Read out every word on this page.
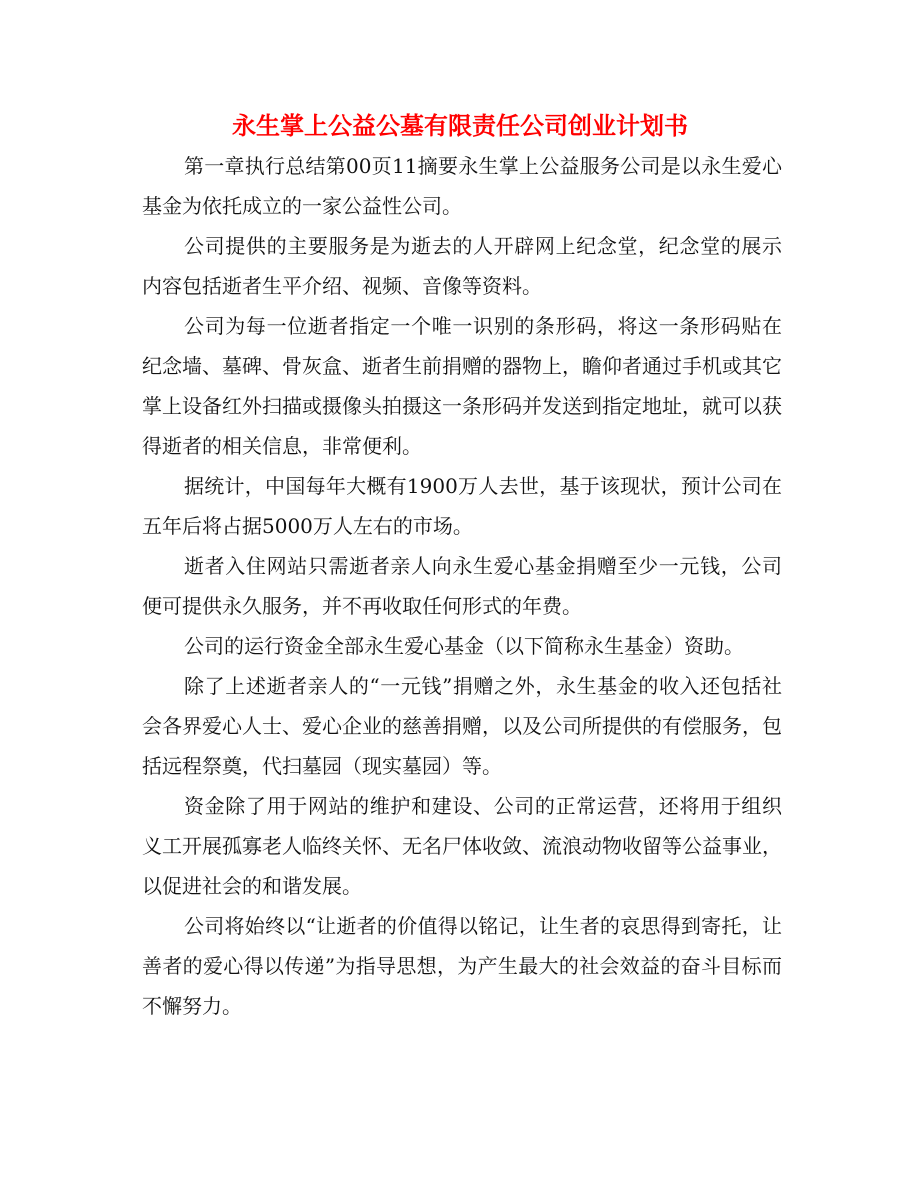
永生掌上公益公墓有限责任公司创业计划书

第一章执行总结第00页11摘要永生掌上公益服务公司是以永生爱心基金为依托成立的一家公益性公司。

公司提供的主要服务是为逝去的人开辟网上纪念堂，纪念堂的展示内容包括逝者生平介绍、视频、音像等资料。

公司为每一位逝者指定一个唯一识别的条形码，将这一条形码贴在纪念墙、墓碑、骨灰盒、逝者生前捐赠的器物上，瞻仰者通过手机或其它掌上设备红外扫描或摄像头拍摄这一条形码并发送到指定地址，就可以获得逝者的相关信息，非常便利。

据统计，中国每年大概有1900万人去世，基于该现状，预计公司在五年后将占据5000万人左右的市场。

逝者入住网站只需逝者亲人向永生爱心基金捐赠至少一元钱，公司便可提供永久服务，并不再收取任何形式的年费。

公司的运行资金全部永生爱心基金（以下简称永生基金）资助。

除了上述逝者亲人的“一元钱”捐赠之外，永生基金的收入还包括社会各界爱心人士、爱心企业的慈善捐赠，以及公司所提供的有偿服务，包括远程祭奠，代扫墓园（现实墓园）等。

资金除了用于网站的维护和建设、公司的正常运营，还将用于组织义工开展孤寡老人临终关怀、无名尸体收敛、流浪动物收留等公益事业，以促进社会的和谐发展。

公司将始终以“让逝者的价值得以铭记，让生者的哀思得到寄托，让善者的爱心得以传递”为指导思想，为产生最大的社会效益的奋斗目标而不懈努力。
